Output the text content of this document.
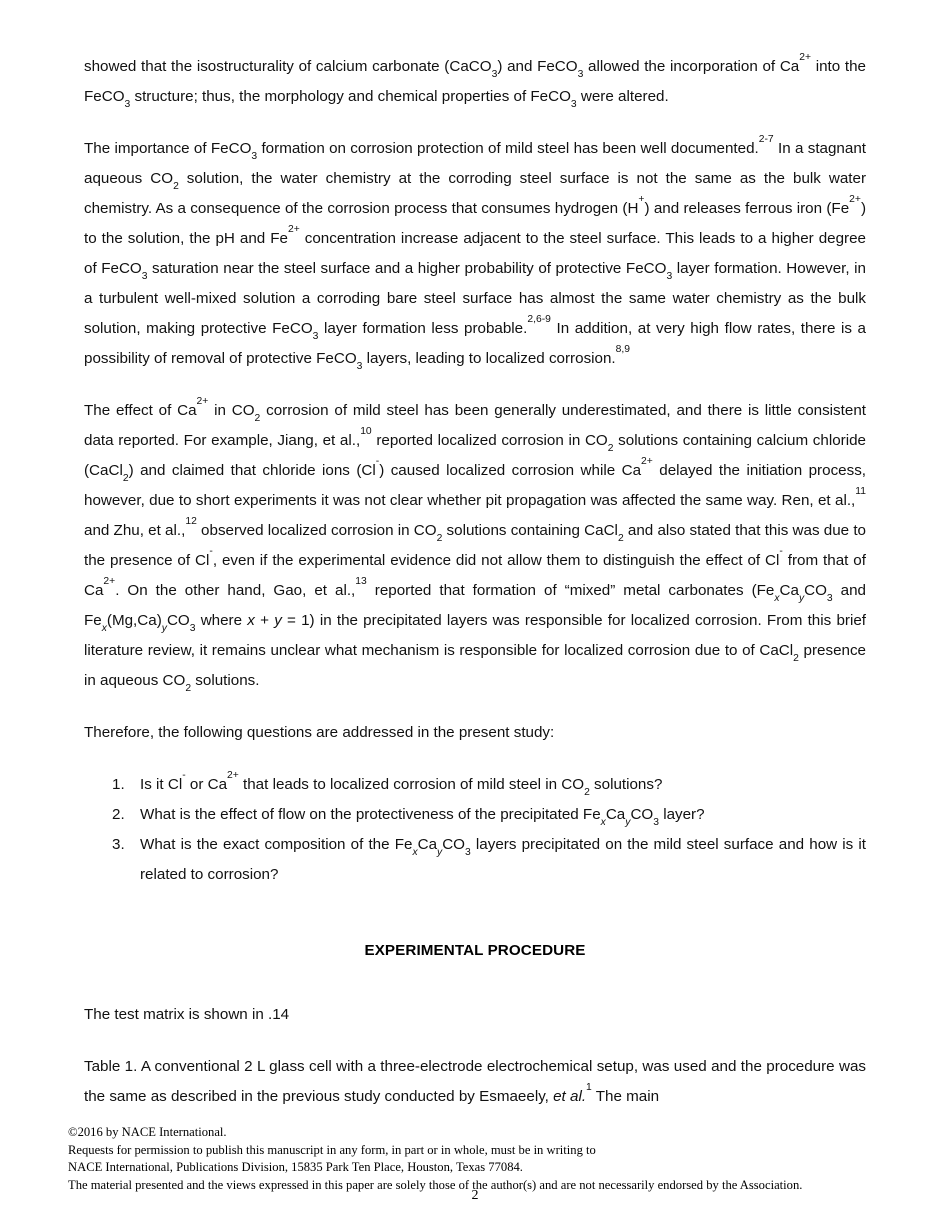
showed that the isostructurality of calcium carbonate (CaCO$_3$) and FeCO$_3$ allowed the incorporation of $Ca^{2+}$ into the FeCO$_3$ structure; thus, the morphology and chemical properties of FeCO$_3$ were altered.

The importance of FeCO$_3$ formation on corrosion protection of mild steel has been well documented.$^{2-7}$ In a stagnant aqueous $CO_2$ solution, the water chemistry at the corroding steel surface is not the same as the bulk water chemistry. As a consequence of the corrosion process that consumes hydrogen (H+) and releases ferrous iron $(Fe^{2+})$ to the solution, the pH and $Fe^{2+}$ concentration increase adjacent to the steel surface. This leads to a higher degree of FeCO$_3$ saturation near the steel surface and a higher probability of protective FeCO$_3$ layer formation. However, in a turbulent well-mixed solution a corroding bare steel surface has almost the same water chemistry as the bulk solution, making protective FeCO$_3$ layer formation less probable.$^{2,6-9}$ In addition, at very high flow rates, there is a possibility of removal of protective FeCO$_3$ layers, leading to localized corrosion.$^{8,9}$

The effect of $Ca^{2+}$ in $CO_2$ corrosion of mild steel has been generally underestimated, and there is little consistent data reported. For example, Jiang, et al.,$^{10}$ reported localized corrosion in $CO_2$ solutions containing calcium chloride (CaCl$_2$) and claimed that chloride ions (Cl-) caused localized corrosion while $Ca^{2+}$ delayed the initiation process, however, due to short experiments it was not clear whether pit propagation was affected the same way. Ren, et al.,$^{11}$ and Zhu, et al.,$^{12}$ observed localized corrosion in $CO_2$ solutions containing CaCl$_2$ and also stated that this was due to the presence of Cl-, even if the experimental evidence did not allow them to distinguish the effect of Cl- from that of $Ca^{2+}$. On the other hand, Gao, et al.,$^{13}$ reported that formation of “mixed” metal carbonates ($Fe_xCa_yCO_3$ and $Fe_x(Mg,Ca)_yCO_3$ where x + y = 1) in the precipitated layers was responsible for localized corrosion. From this brief literature review, it remains unclear what mechanism is responsible for localized corrosion due to of CaCl$_2$ presence in aqueous $CO_2$ solutions.

Therefore, the following questions are addressed in the present study:

1.	Is it Cl- or $Ca^{2+}$ that leads to localized corrosion of mild steel in $CO_2$ solutions?
2.	What is the effect of flow on the protectiveness of the precipitated $Fe_xCa_yCO_3$ layer?
3.	What is the exact composition of the $Fe_xCa_yCO_3$ layers precipitated on the mild steel surface and how is it related to corrosion?
EXPERIMENTAL PROCEDURE

The test matrix is shown in .14

Table 1. A conventional 2 L glass cell with a three-electrode electrochemical setup, was used and the procedure was the same as described in the previous study conducted by Esmaeely, et al.$^1$ The main

©2016 by NACE International.
Requests for permission to publish this manuscript in any form, in part or in whole, must be in writing to
NACE International, Publications Division, 15835 Park Ten Place, Houston, Texas 77084.
The material presented and the views expressed in this paper are solely those of the author(s) and are not necessarily endorsed by the Association.
2
